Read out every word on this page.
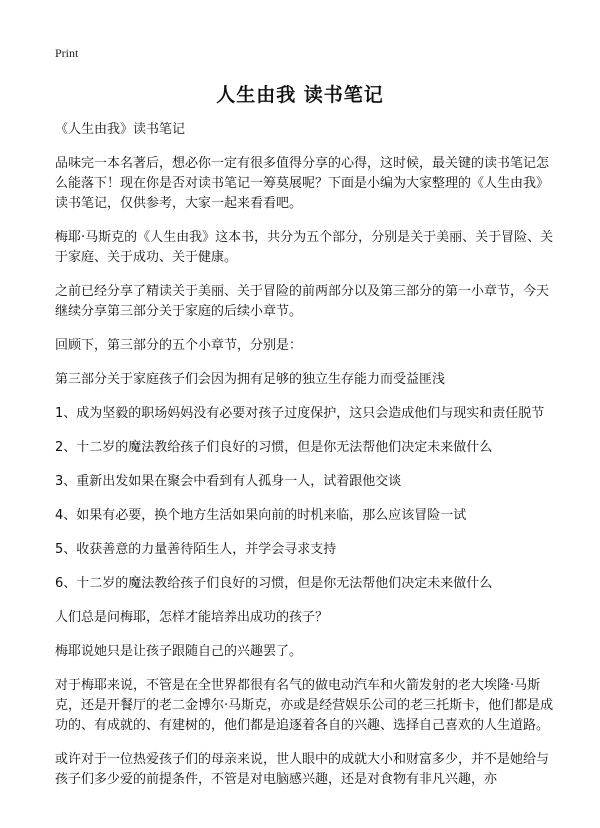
Print
人生由我 读书笔记

《人生由我》读书笔记

品味完一本名著后，想必你一定有很多值得分享的心得，这时候，最关键的读书笔记怎么能落下！现在你是否对读书笔记一筹莫展呢？下面是小编为大家整理的《人生由我》读书笔记，仅供参考，大家一起来看看吧。

梅耶·马斯克的《人生由我》这本书，共分为五个部分，分别是关于美丽、关于冒险、关于家庭、关于成功、关于健康。

之前已经分享了精读关于美丽、关于冒险的前两部分以及第三部分的第一小章节，今天继续分享第三部分关于家庭的后续小章节。

回顾下，第三部分的五个小章节，分别是：

第三部分关于家庭孩子们会因为拥有足够的独立生存能力而受益匪浅

1、成为坚毅的职场妈妈没有必要对孩子过度保护，这只会造成他们与现实和责任脱节

2、十二岁的魔法教给孩子们良好的习惯，但是你无法帮他们决定未来做什么

3、重新出发如果在聚会中看到有人孤身一人，试着跟他交谈

4、如果有必要，换个地方生活如果向前的时机来临，那么应该冒险一试

5、收获善意的力量善待陌生人，并学会寻求支持

6、十二岁的魔法教给孩子们良好的习惯，但是你无法帮他们决定未来做什么

人们总是问梅耶，怎样才能培养出成功的孩子？

梅耶说她只是让孩子跟随自己的兴趣罢了。

对于梅耶来说，不管是在全世界都很有名气的做电动汽车和火箭发射的老大埃隆·马斯克，还是开餐厅的老二金博尔·马斯克，亦或是经营娱乐公司的老三托斯卡，他们都是成功的、有成就的、有建树的，他们都是追逐着各自的兴趣、选择自己喜欢的人生道路。

或许对于一位热爱孩子们的母亲来说，世人眼中的成就大小和财富多少，并不是她给与孩子们多少爱的前提条件，不管是对电脑感兴趣，还是对食物有非凡兴趣，亦
